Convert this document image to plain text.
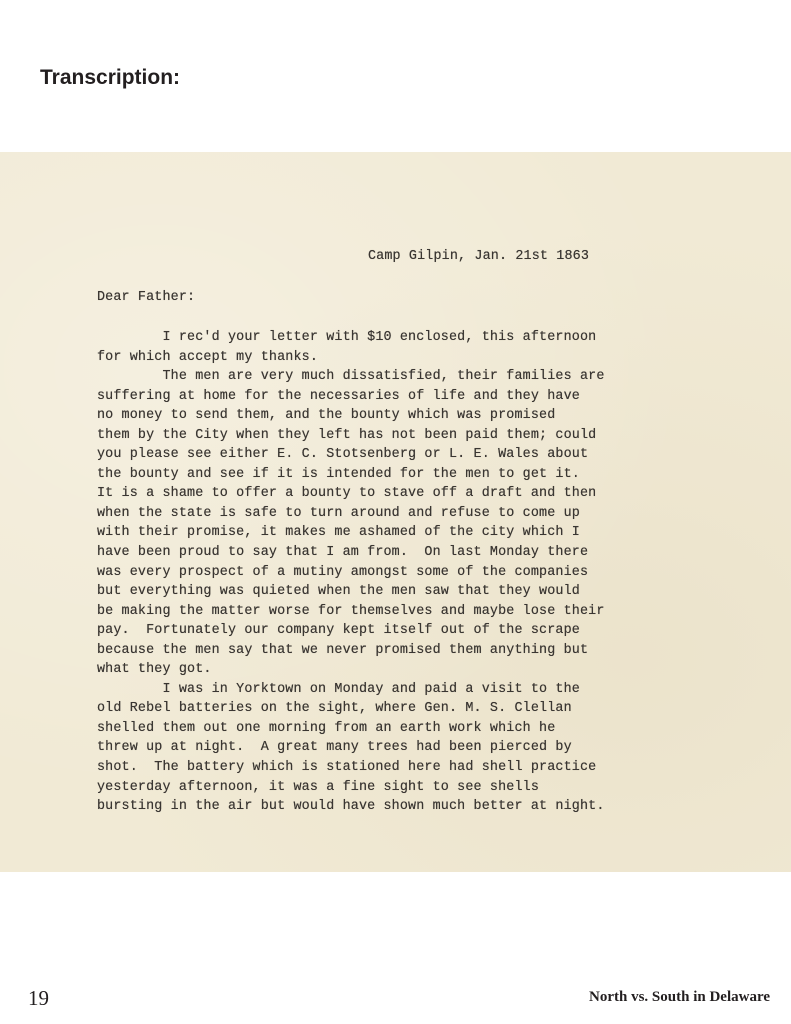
Transcription:
Camp Gilpin, Jan. 21st 1863
Dear Father:
I rec'd your letter with $10 enclosed, this afternoon
for which accept my thanks.
The men are very much dissatisfied, their families are
suffering at home for the necessaries of life and they have
no money to send them, and the bounty which was promised
them by the City when they left has not been paid them; could
you please see either E. C. Stotsenberg or L. E. Wales about
the bounty and see if it is intended for the men to get it.
It is a shame to offer a bounty to stave off a draft and then
when the state is safe to turn around and refuse to come up
with their promise, it makes me ashamed of the city which I
have been proud to say that I am from.  On last Monday there
was every prospect of a mutiny amongst some of the companies
but everything was quieted when the men saw that they would
be making the matter worse for themselves and maybe lose their
pay.  Fortunately our company kept itself out of the scrape
because the men say that we never promised them anything but
what they got.
I was in Yorktown on Monday and paid a visit to the
old Rebel batteries on the sight, where Gen. M. S. Clellan
shelled them out one morning from an earth work which he
threw up at night.  A great many trees had been pierced by
shot.  The battery which is stationed here had shell practice
yesterday afternoon, it was a fine sight to see shells
bursting in the air but would have shown much better at night.
19	North vs. South in Delaware
